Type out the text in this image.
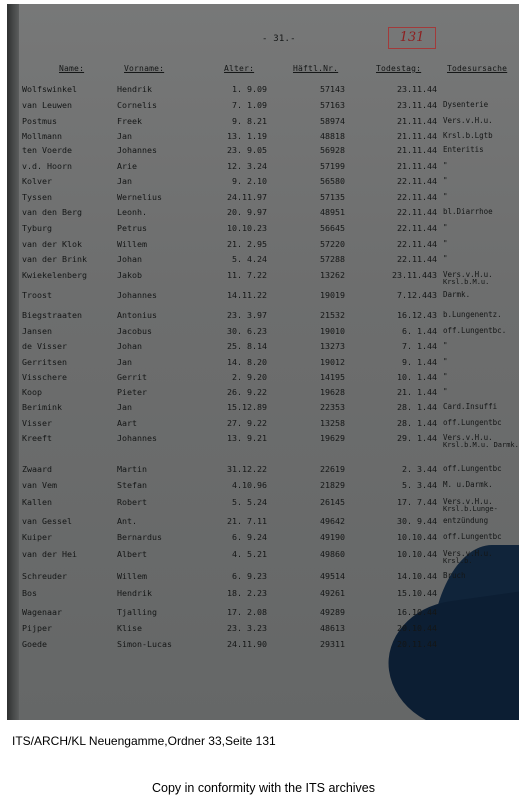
- 31.-	131
Name:	Vorname:	Alter:	Häftl.Nr.	Todestag:	Todesursache
Wolfswinkel	Hendrik	1. 9.09	57143	23.11.44
van Leuwen	Cornelis	7. 1.09	57163	23.11.44 Dysenterie
Postmus	Freek	9. 8.21	58974	21.11.44 Vers.v.H.u.
Mollmann	Jan	13. 1.19	48818	21.11.44 Krsl.b.Lgtb
ten Voerde	Johannes	23. 9.05	56928	21.11.44 Enteritis
v.d. Hoorn	Arie	12. 3.24	57199	21.11.44 "
Kolver	Jan	9. 2.10	56580	22.11.44 "
Tyssen	Wernelius	24.11.97	57135	22.11.44 "
van den Berg	Leonh.	20. 9.97	48951	22.11.44 bl.Diarrhoe
Tyburg	Petrus	10.10.23	56645	22.11.44 "
van der Klok	Willem	21. 2.95	57220	22.11.44 "
van der Brink	Johan	5. 4.24	57288	22.11.44 "
Kwiekelenberg	Jakob	11. 7.22	13262	23.11.443 Vers.v.H.u.
Krsl.b.M.u.
Troost	Johannes	14.11.22	19019	7.12.443 Darmk.
Biegstraaten	Antonius	23. 3.97	21532	16.12.43 b.Lungenentz.
Jansen	Jacobus	30. 6.23	19010	6. 1.44 off.Lungentbc.
de Visser	Johan	25. 8.14	13273	7. 1.44 "
Gerritsen	Jan	14. 8.20	19012	9. 1.44 "
Visschere	Gerrit	2. 9.20	14195	10. 1.44 "
Koop	Pieter	26. 9.22	19628	21. 1.44 "
Berimink	Jan	15.12.89	22353	28. 1.44 Card.Insuffi
Visser	Aart	27. 9.22	13258	28. 1.44 off.Lungentbc
Kreeft	Johannes	13. 9.21	19629	29. 1.44 Vers.v.H.u.
Krsl.b.M.u. Darmk.
Zwaard	Martin	31.12.22	22619	2. 3.44 off.Lungentbc
van Vem	Stefan	4.10.96	21829	5. 3.44 M. u.Darmk.
Kallen	Robert	5. 5.24	26145	17. 7.44 Vers.v.H.u.
Krsl.b.Lunge-
van Gessel	Ant.	21. 7.11	49642	30. 9.44 entzündung
Kuiper	Bernardus	6. 9.24	49190	10.10.44 off.Lungentbc
van der Hei	Albert	4. 5.21	49860	10.10.44 Vers.v.H.u.
Krsl.b.
Schreuder	Willem	6. 9.23	49514	14.10.44 Bruch
Bos	Hendrik	18. 2.23	49261	15.10.44
Wagenaar	Tjalling	17. 2.08	49289	16.10.44
Pijper	Klise	23. 3.23	48613	20.10.44
Goede	Simon-Lucas	24.11.90	29311	20.11.44
ITS/ARCH/KL Neuengamme,Ordner 33,Seite 131
Copy in conformity with the ITS archives
